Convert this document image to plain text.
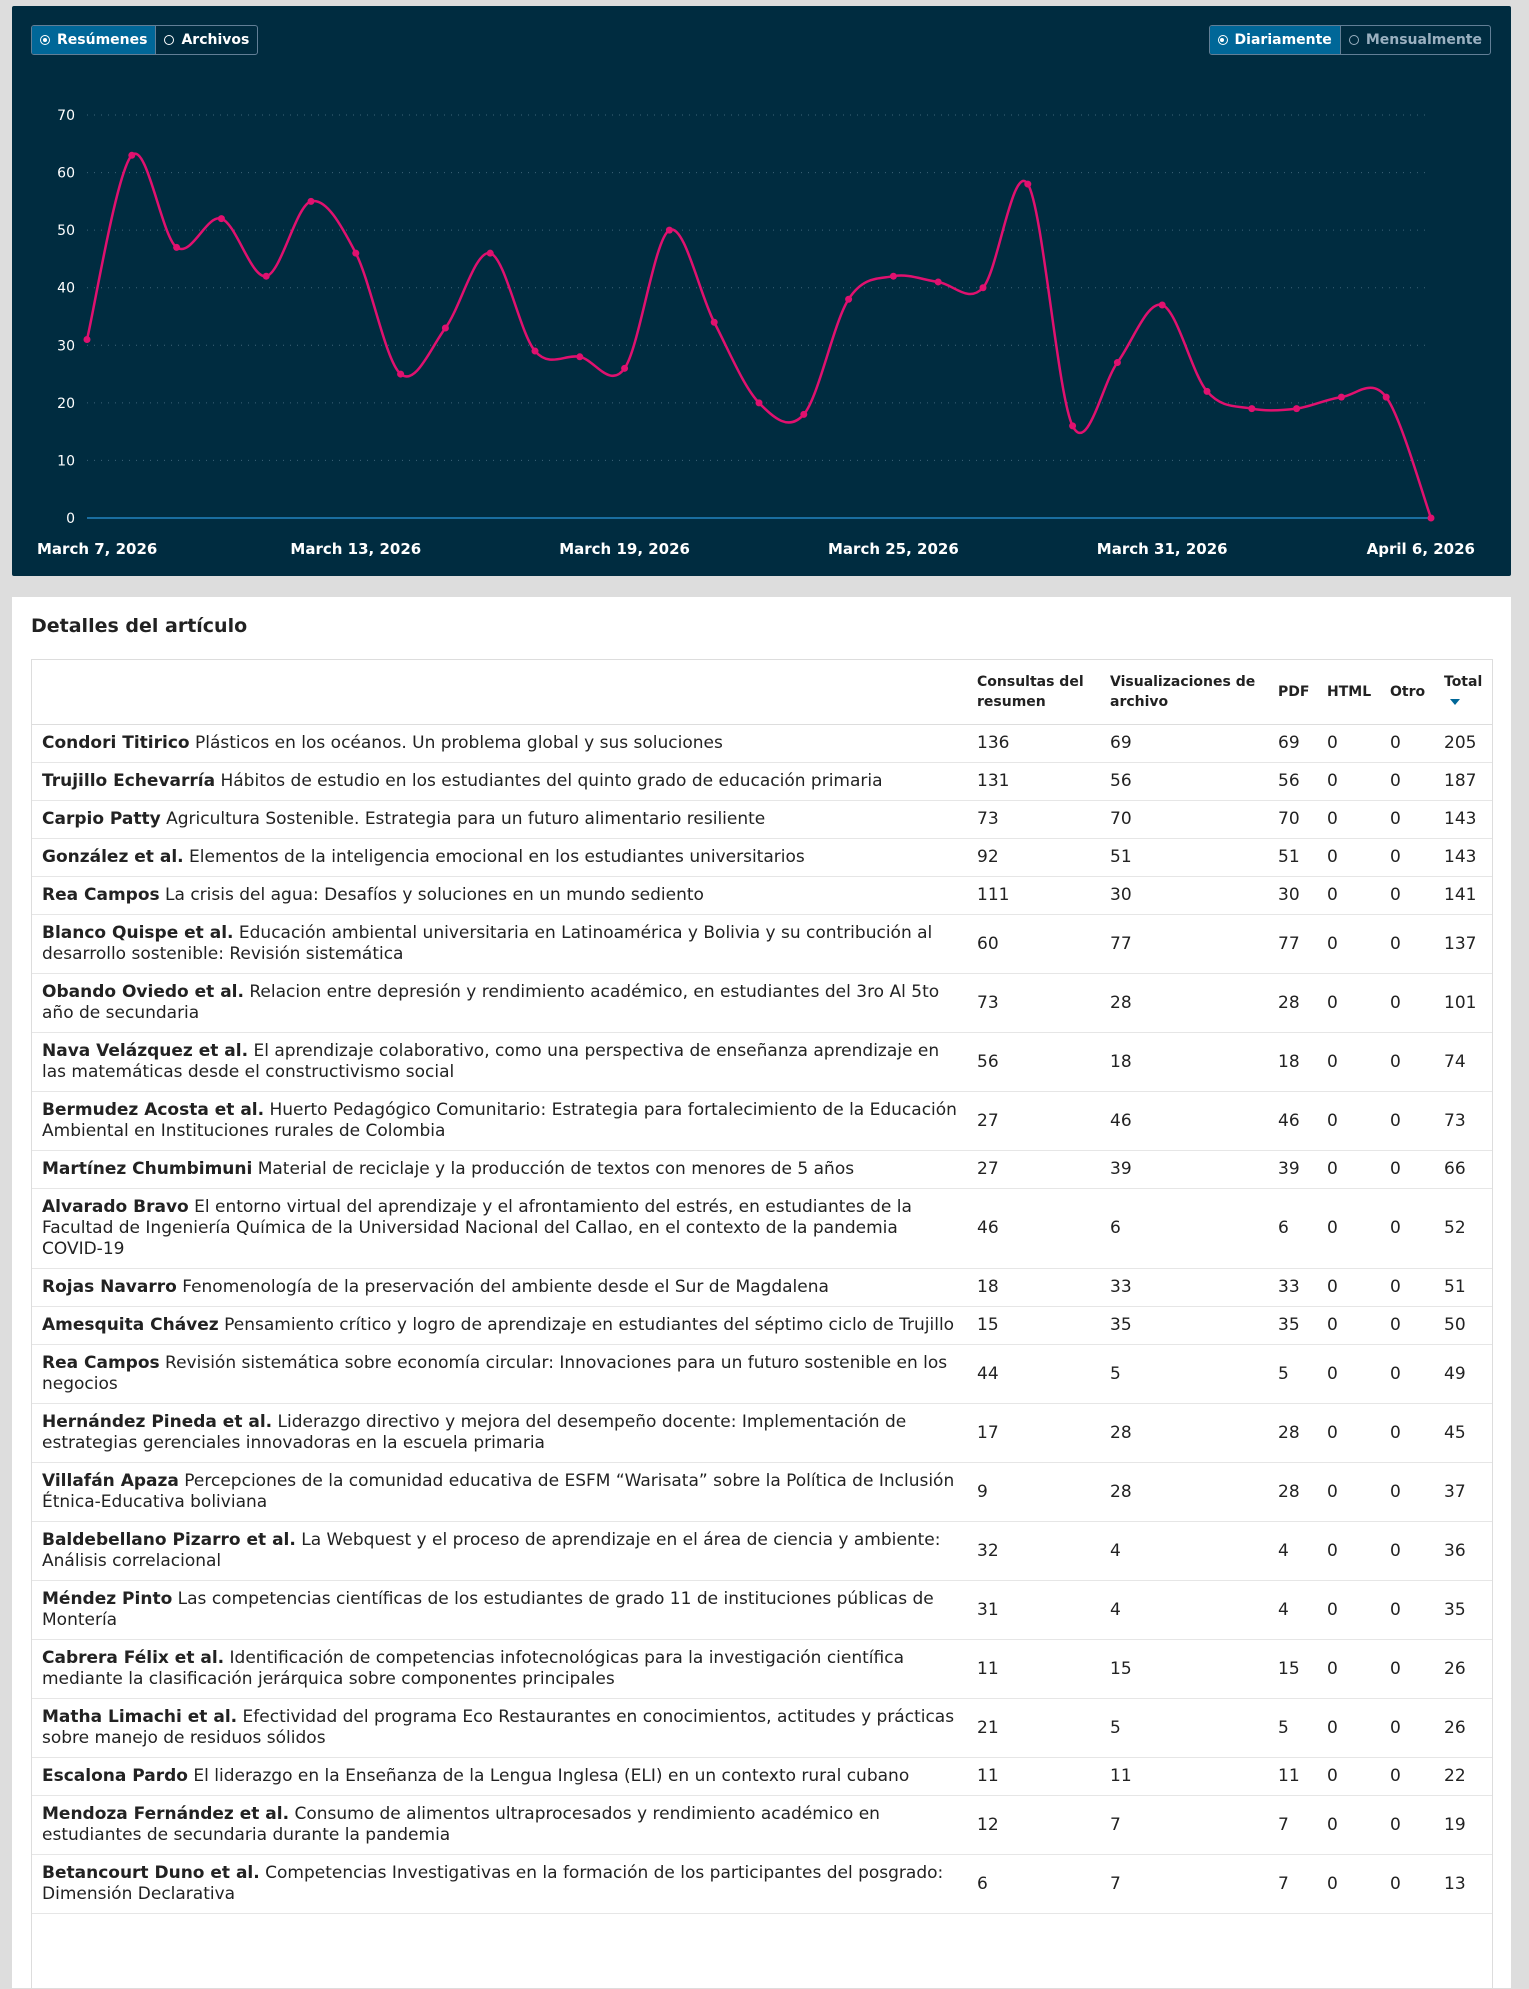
Resúmenes Archivos	Diariamente Mensualmente
0
10
20
30
40
50
60
70
March 7, 2026	March 13, 2026	March 19, 2026	March 25, 2026	March 31, 2026	April 6, 2026
Detalles del artículo
	Consultas del resumen	Visualizaciones de archivo	PDF	HTML	Otro	Total
Condori Titirico Plásticos en los océanos. Un problema global y sus soluciones	136	69	69	0	0	205
Trujillo Echevarría Hábitos de estudio en los estudiantes del quinto grado de educación primaria	131	56	56	0	0	187
Carpio Patty Agricultura Sostenible. Estrategia para un futuro alimentario resiliente	73	70	70	0	0	143
González et al. Elementos de la inteligencia emocional en los estudiantes universitarios	92	51	51	0	0	143
Rea Campos La crisis del agua: Desafíos y soluciones en un mundo sediento	111	30	30	0	0	141
Blanco Quispe et al. Educación ambiental universitaria en Latinoamérica y Bolivia y su contribución al desarrollo sostenible: Revisión sistemática	60	77	77	0	0	137
Obando Oviedo et al. Relacion entre depresión y rendimiento académico, en estudiantes del 3ro Al 5to año de secundaria	73	28	28	0	0	101
Nava Velázquez et al. El aprendizaje colaborativo, como una perspectiva de enseñanza aprendizaje en las matemáticas desde el constructivismo social	56	18	18	0	0	74
Bermudez Acosta et al. Huerto Pedagógico Comunitario: Estrategia para fortalecimiento de la Educación Ambiental en Instituciones rurales de Colombia	27	46	46	0	0	73
Martínez Chumbimuni Material de reciclaje y la producción de textos con menores de 5 años	27	39	39	0	0	66
Alvarado Bravo El entorno virtual del aprendizaje y el afrontamiento del estrés, en estudiantes de la Facultad de Ingeniería Química de la Universidad Nacional del Callao, en el contexto de la pandemia COVID-19	46	6	6	0	0	52
Rojas Navarro Fenomenología de la preservación del ambiente desde el Sur de Magdalena	18	33	33	0	0	51
Amesquita Chávez Pensamiento crítico y logro de aprendizaje en estudiantes del séptimo ciclo de Trujillo	15	35	35	0	0	50
Rea Campos Revisión sistemática sobre economía circular: Innovaciones para un futuro sostenible en los negocios	44	5	5	0	0	49
Hernández Pineda et al. Liderazgo directivo y mejora del desempeño docente: Implementación de estrategias gerenciales innovadoras en la escuela primaria	17	28	28	0	0	45
Villafán Apaza Percepciones de la comunidad educativa de ESFM “Warisata” sobre la Política de Inclusión Étnica-Educativa boliviana	9	28	28	0	0	37
Baldebellano Pizarro et al. La Webquest y el proceso de aprendizaje en el área de ciencia y ambiente: Análisis correlacional	32	4	4	0	0	36
Méndez Pinto Las competencias científicas de los estudiantes de grado 11 de instituciones públicas de Montería	31	4	4	0	0	35
Cabrera Félix et al. Identificación de competencias infotecnológicas para la investigación científica mediante la clasificación jerárquica sobre componentes principales	11	15	15	0	0	26
Matha Limachi et al. Efectividad del programa Eco Restaurantes en conocimientos, actitudes y prácticas sobre manejo de residuos sólidos	21	5	5	0	0	26
Escalona Pardo El liderazgo en la Enseñanza de la Lengua Inglesa (ELI) en un contexto rural cubano	11	11	11	0	0	22
Mendoza Fernández et al. Consumo de alimentos ultraprocesados y rendimiento académico en estudiantes de secundaria durante la pandemia	12	7	7	0	0	19
Betancourt Duno et al. Competencias Investigativas en la formación de los participantes del posgrado: Dimensión Declarativa	6	7	7	0	0	13
